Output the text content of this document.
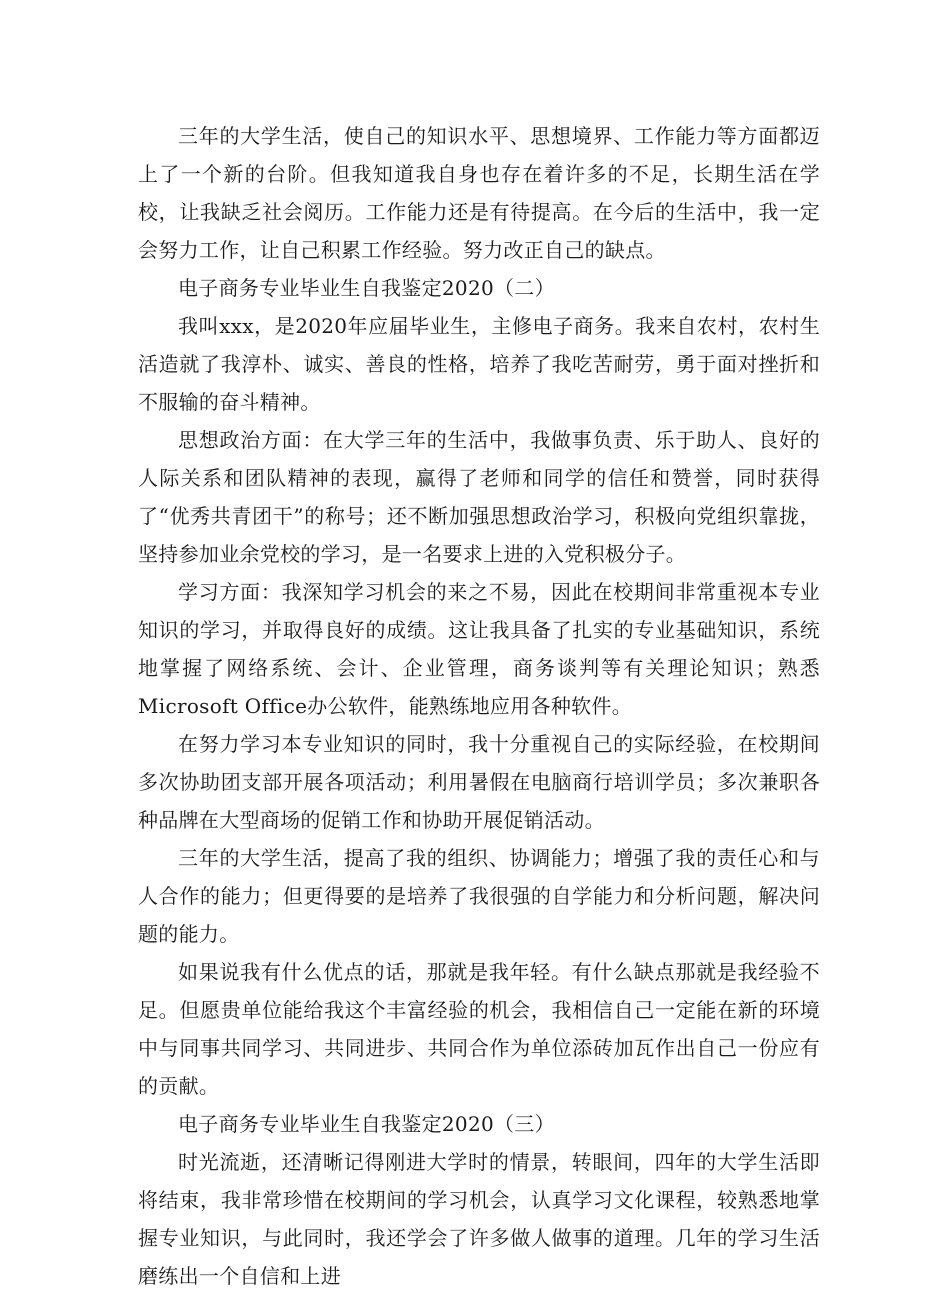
三年的大学生活，使自己的知识水平、思想境界、工作能力等方面都迈上了一个新的台阶。但我知道我自身也存在着许多的不足，长期生活在学校，让我缺乏社会阅历。工作能力还是有待提高。在今后的生活中，我一定会努力工作，让自己积累工作经验。努力改正自己的缺点。

电子商务专业毕业生自我鉴定2020（二）

我叫xxx，是2020年应届毕业生，主修电子商务。我来自农村，农村生活造就了我淳朴、诚实、善良的性格，培养了我吃苦耐劳，勇于面对挫折和不服输的奋斗精神。

思想政治方面：在大学三年的生活中，我做事负责、乐于助人、良好的人际关系和团队精神的表现，赢得了老师和同学的信任和赞誉，同时获得了“优秀共青团干”的称号；还不断加强思想政治学习，积极向党组织靠拢，坚持参加业余党校的学习，是一名要求上进的入党积极分子。

学习方面：我深知学习机会的来之不易，因此在校期间非常重视本专业知识的学习，并取得良好的成绩。这让我具备了扎实的专业基础知识，系统地掌握了网络系统、会计、企业管理，商务谈判等有关理论知识；熟悉Microsoft Office办公软件，能熟练地应用各种软件。

在努力学习本专业知识的同时，我十分重视自己的实际经验，在校期间多次协助团支部开展各项活动；利用暑假在电脑商行培训学员；多次兼职各种品牌在大型商场的促销工作和协助开展促销活动。

三年的大学生活，提高了我的组织、协调能力；增强了我的责任心和与人合作的能力；但更得要的是培养了我很强的自学能力和分析问题，解决问题的能力。

如果说我有什么优点的话，那就是我年轻。有什么缺点那就是我经验不足。但愿贵单位能给我这个丰富经验的机会，我相信自己一定能在新的环境中与同事共同学习、共同进步、共同合作为单位添砖加瓦作出自己一份应有的贡献。

电子商务专业毕业生自我鉴定2020（三）

时光流逝，还清晰记得刚进大学时的情景，转眼间，四年的大学生活即将结束，我非常珍惜在校期间的学习机会，认真学习文化课程，较熟悉地掌握专业知识，与此同时，我还学会了许多做人做事的道理。几年的学习生活磨练出一个自信和上进
